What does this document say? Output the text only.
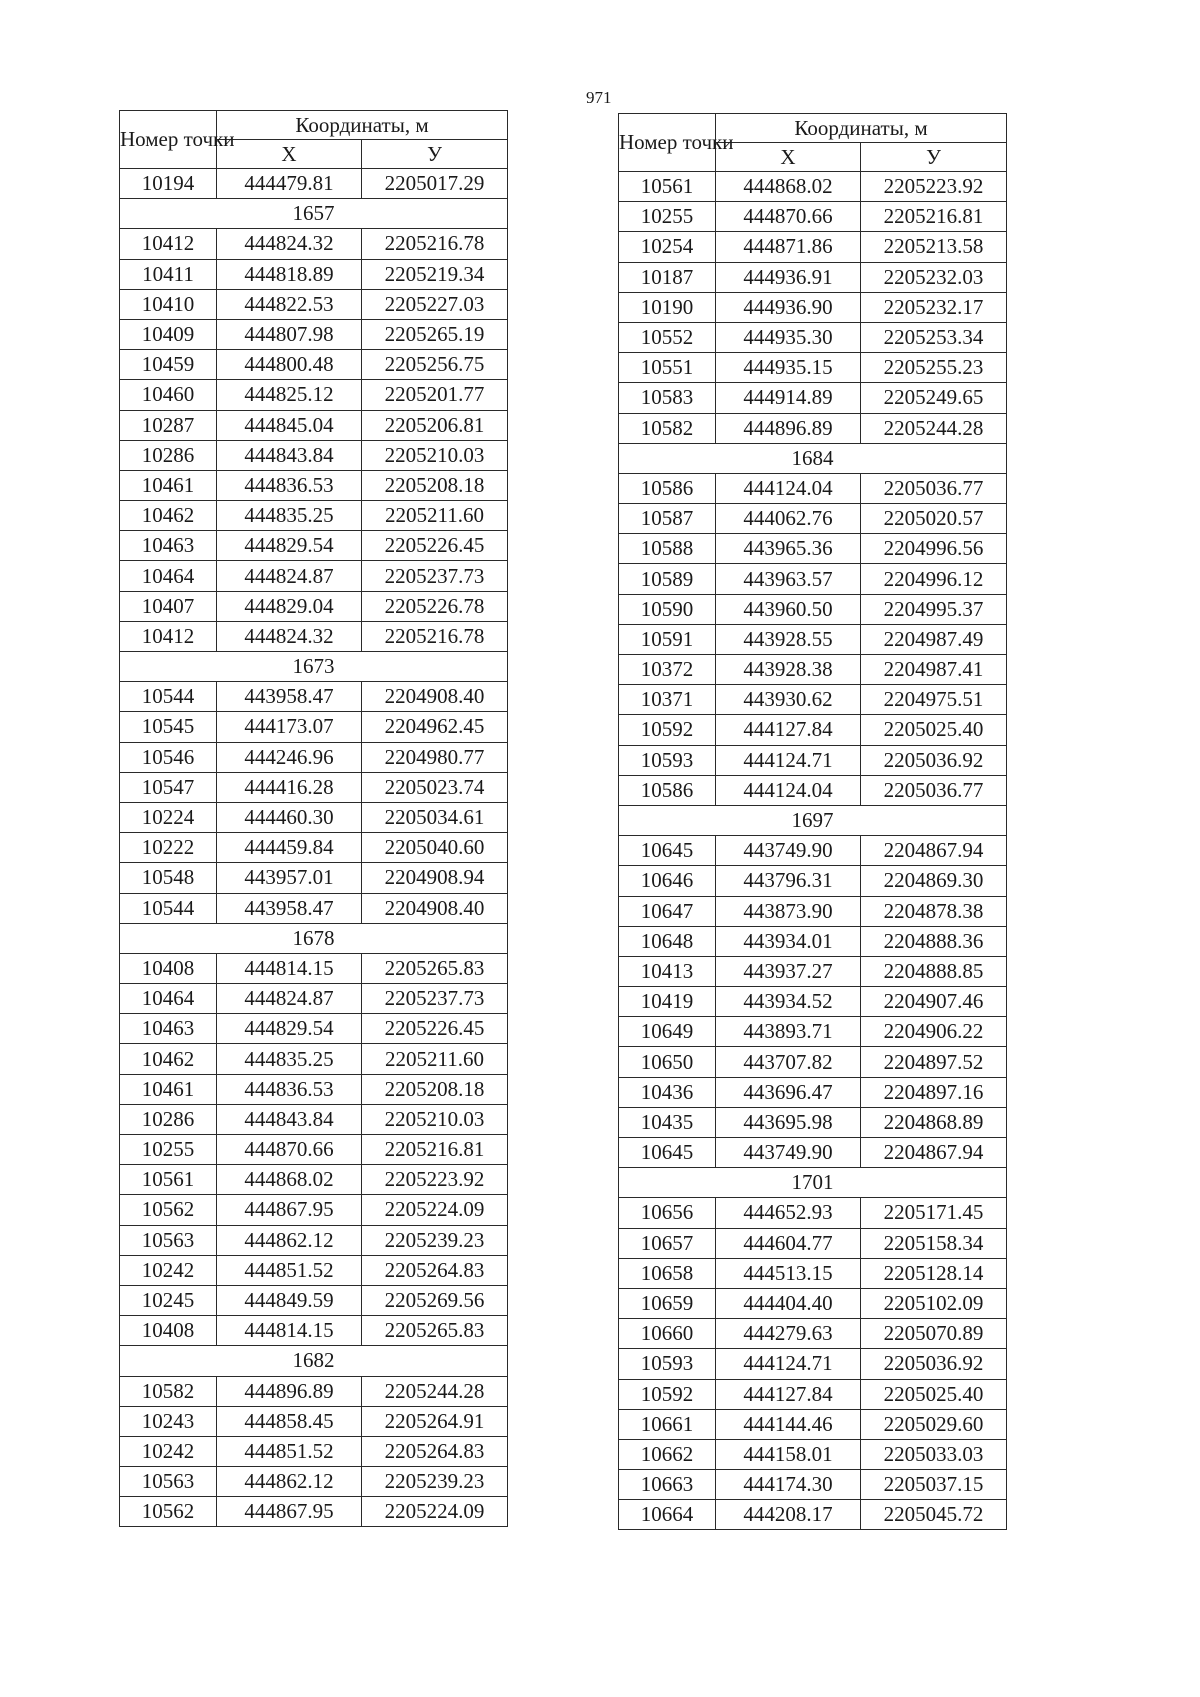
971
Номер точки	Координаты, м	
	X	У
10194	444479.81	2205017.29
1657		
10412	444824.32	2205216.78
10411	444818.89	2205219.34
10410	444822.53	2205227.03
10409	444807.98	2205265.19
10459	444800.48	2205256.75
10460	444825.12	2205201.77
10287	444845.04	2205206.81
10286	444843.84	2205210.03
10461	444836.53	2205208.18
10462	444835.25	2205211.60
10463	444829.54	2205226.45
10464	444824.87	2205237.73
10407	444829.04	2205226.78
10412	444824.32	2205216.78
1673		
10544	443958.47	2204908.40
10545	444173.07	2204962.45
10546	444246.96	2204980.77
10547	444416.28	2205023.74
10224	444460.30	2205034.61
10222	444459.84	2205040.60
10548	443957.01	2204908.94
10544	443958.47	2204908.40
1678		
10408	444814.15	2205265.83
10464	444824.87	2205237.73
10463	444829.54	2205226.45
10462	444835.25	2205211.60
10461	444836.53	2205208.18
10286	444843.84	2205210.03
10255	444870.66	2205216.81
10561	444868.02	2205223.92
10562	444867.95	2205224.09
10563	444862.12	2205239.23
10242	444851.52	2205264.83
10245	444849.59	2205269.56
10408	444814.15	2205265.83
1682		
10582	444896.89	2205244.28
10243	444858.45	2205264.91
10242	444851.52	2205264.83
10563	444862.12	2205239.23
10562	444867.95	2205224.09
Номер точки	Координаты, м	
	X	У
10561	444868.02	2205223.92
10255	444870.66	2205216.81
10254	444871.86	2205213.58
10187	444936.91	2205232.03
10190	444936.90	2205232.17
10552	444935.30	2205253.34
10551	444935.15	2205255.23
10583	444914.89	2205249.65
10582	444896.89	2205244.28
1684		
10586	444124.04	2205036.77
10587	444062.76	2205020.57
10588	443965.36	2204996.56
10589	443963.57	2204996.12
10590	443960.50	2204995.37
10591	443928.55	2204987.49
10372	443928.38	2204987.41
10371	443930.62	2204975.51
10592	444127.84	2205025.40
10593	444124.71	2205036.92
10586	444124.04	2205036.77
1697		
10645	443749.90	2204867.94
10646	443796.31	2204869.30
10647	443873.90	2204878.38
10648	443934.01	2204888.36
10413	443937.27	2204888.85
10419	443934.52	2204907.46
10649	443893.71	2204906.22
10650	443707.82	2204897.52
10436	443696.47	2204897.16
10435	443695.98	2204868.89
10645	443749.90	2204867.94
1701		
10656	444652.93	2205171.45
10657	444604.77	2205158.34
10658	444513.15	2205128.14
10659	444404.40	2205102.09
10660	444279.63	2205070.89
10593	444124.71	2205036.92
10592	444127.84	2205025.40
10661	444144.46	2205029.60
10662	444158.01	2205033.03
10663	444174.30	2205037.15
10664	444208.17	2205045.72
